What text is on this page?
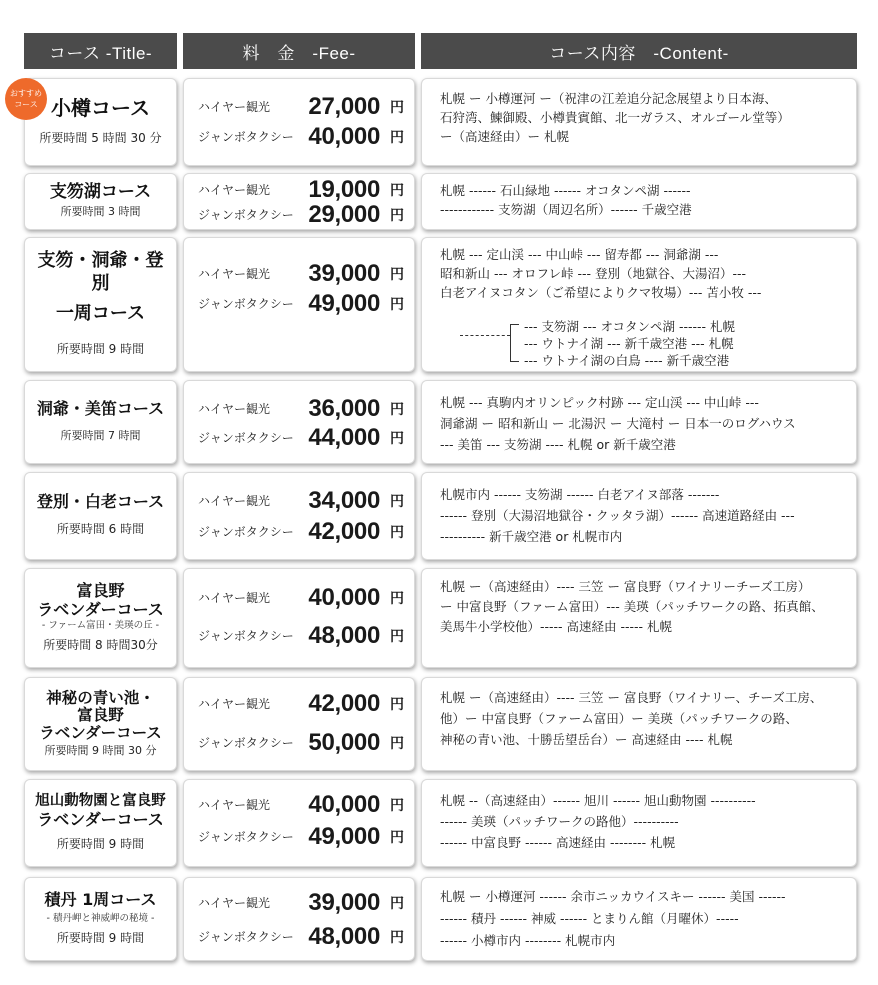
コース -Title-	料　金　-Fee-	コース内容　-Content-
おすすめ
コース 小樽コース
所要時間 5 時間 30 分
ハイヤー観光 27,000 円
ジャンボタクシー 40,000 円
札幌 ー 小樽運河 ー（祝津の江差追分記念展望より日本海、
石狩湾、鰊御殿、小樽貴賓館、北一ガラス、オルゴール堂等）
ー（高速経由）ー 札幌
支笏湖コース
所要時間 3 時間
ハイヤー観光 19,000 円
ジャンボタクシー 29,000 円
札幌 ------ 石山緑地 ------ オコタンペ湖 ------
------------ 支笏湖（周辺名所）------ 千歳空港
支笏・洞爺・登別
一周コース
所要時間 9 時間
ハイヤー観光 39,000 円
ジャンボタクシー 49,000 円
札幌 --- 定山渓 --- 中山峠 --- 留寿都 --- 洞爺湖 ---
昭和新山 --- オロフレ峠 --- 登別（地獄谷、大湯沼）---
白老アイヌコタン（ご希望によりクマ牧場）--- 苫小牧 ---
--- 支笏湖 --- オコタンペ湖 ------ 札幌
--- ウトナイ湖 --- 新千歳空港 --- 札幌
--- ウトナイ湖の白鳥 ---- 新千歳空港
洞爺・美笛コース
所要時間 7 時間
ハイヤー観光 36,000 円
ジャンボタクシー 44,000 円
札幌 --- 真駒内オリンピック村跡 --- 定山渓 --- 中山峠 ---
洞爺湖 ー 昭和新山 ー 北湯沢 ー 大滝村 ー 日本一のログハウス
--- 美笛 --- 支笏湖 ---- 札幌 or 新千歳空港
登別・白老コース
所要時間 6 時間
ハイヤー観光 34,000 円
ジャンボタクシー 42,000 円
札幌市内 ------ 支笏湖 ------ 白老アイヌ部落 -------
------ 登別（大湯沼地獄谷・クッタラ湖）------ 高速道路経由 ---
---------- 新千歳空港 or 札幌市内
富良野
ラベンダーコース
- ファーム富田・美瑛の丘 -
所要時間 8 時間30分
ハイヤー観光 40,000 円
ジャンボタクシー 48,000 円
札幌 ー（高速経由）---- 三笠 ー 富良野（ワイナリーチーズ工房）
ー 中富良野（ファーム富田）--- 美瑛（パッチワークの路、拓真館、
美馬牛小学校他）----- 高速経由 ----- 札幌
神秘の青い池・
富良野
ラベンダーコース
所要時間 9 時間 30 分
ハイヤー観光 42,000 円
ジャンボタクシー 50,000 円
札幌 ー（高速経由）---- 三笠 ー 富良野（ワイナリー、チーズ工房、
他）ー 中富良野（ファーム富田）ー 美瑛（パッチワークの路、
神秘の青い池、十勝岳望岳台）ー 高速経由 ---- 札幌
旭山動物園と富良野
ラベンダーコース
所要時間 9 時間
ハイヤー観光 40,000 円
ジャンボタクシー 49,000 円
札幌 --（高速経由）------ 旭川 ------ 旭山動物園 ----------
------ 美瑛（パッチワークの路他）----------
------ 中富良野 ------ 高速経由 -------- 札幌
積丹 1周コース
- 積丹岬と神威岬の秘境 -
所要時間 9 時間
ハイヤー観光 39,000 円
ジャンボタクシー 48,000 円
札幌 ー 小樽運河 ------ 余市ニッカウイスキー ------ 美国 ------
------ 積丹 ------ 神威 ------ とまりん館（月曜休）-----
------ 小樽市内 -------- 札幌市内
